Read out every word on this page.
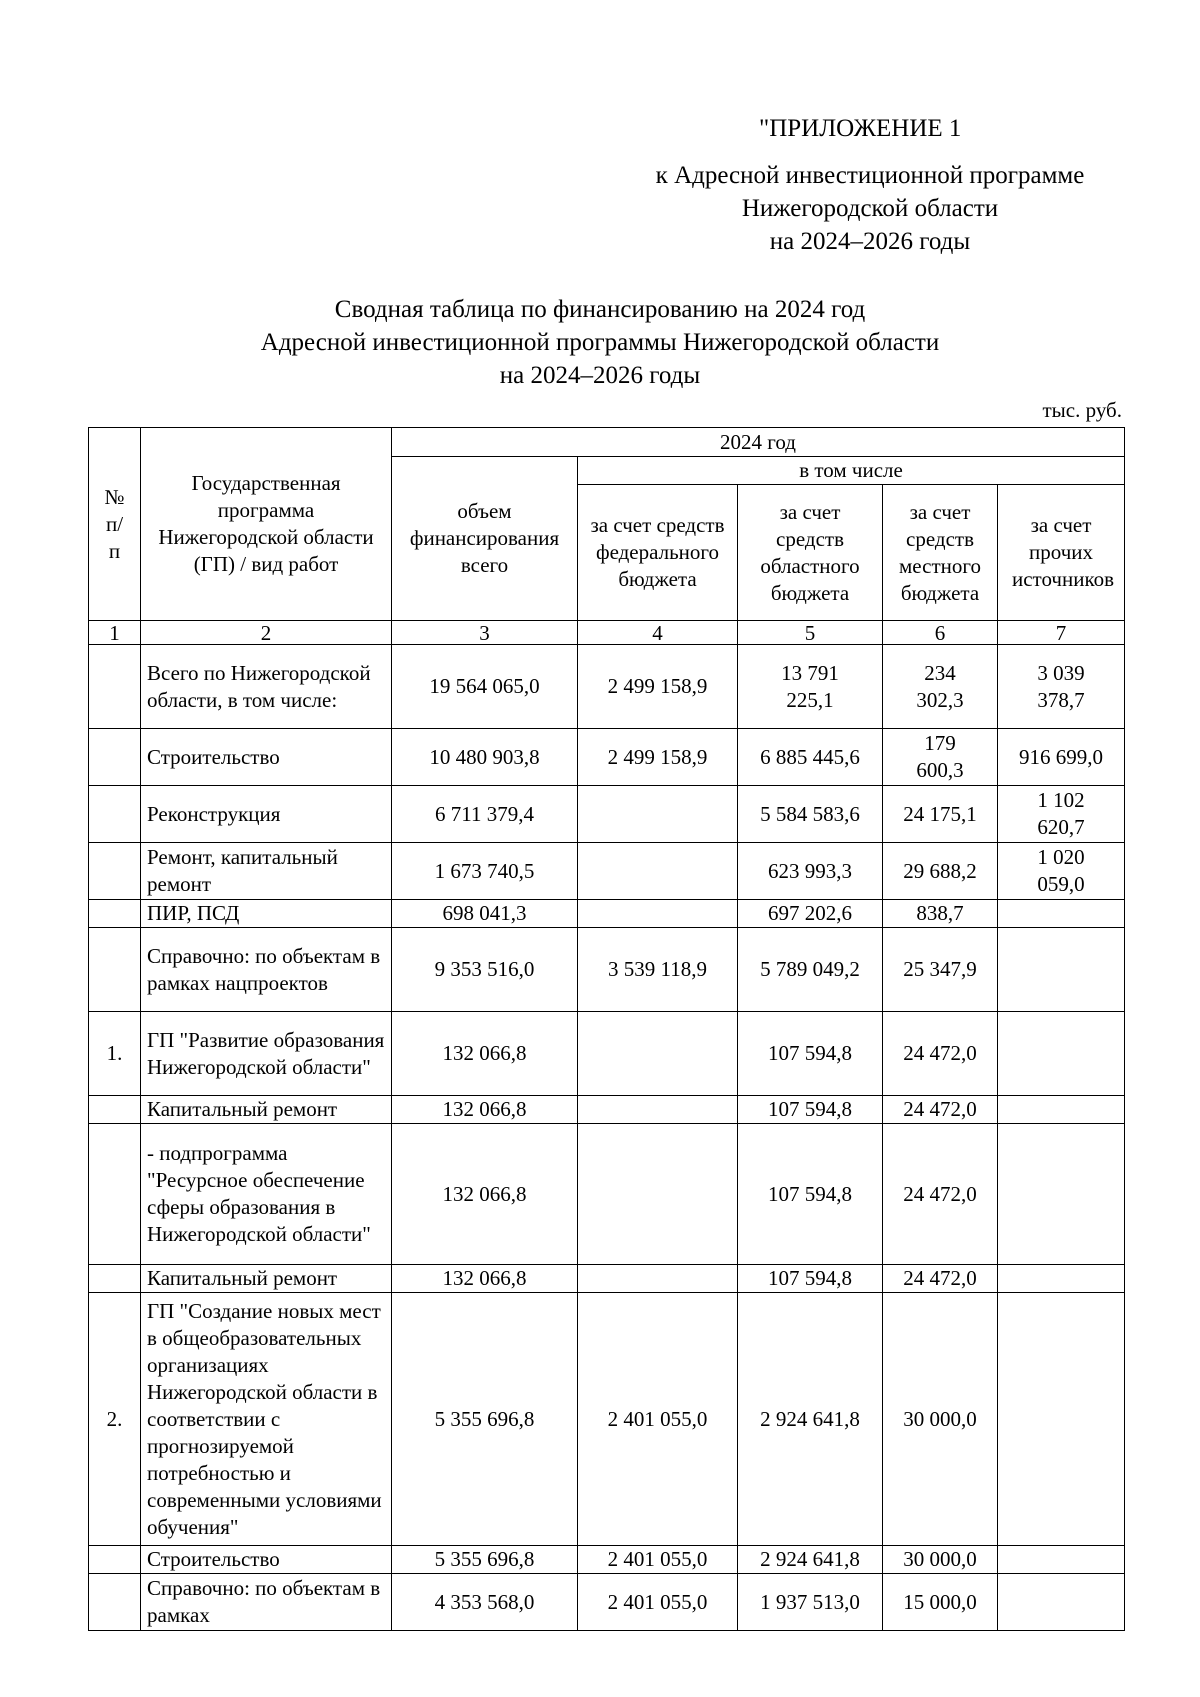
"ПРИЛОЖЕНИЕ 1
к Адресной инвестиционной программе
Нижегородской области
на 2024–2026 годы
Сводная таблица по финансированию на 2024 год
Адресной инвестиционной программы Нижегородской области
на 2024–2026 годы
тыс. руб.
№ п/ п	Государственная программа Нижегородской области (ГП) / вид работ	2024 год				
		объем финансирования всего	в том числе			
			за счет средств федерального бюджета	за счет средств областного бюджета	за счет средств местного бюджета	за счет прочих источников
1	2	3	4	5	6	7
	Всего по Нижегородской области, в том числе:	19 564 065,0	2 499 158,9	13 791 225,1	234 302,3	3 039 378,7
	Строительство	10 480 903,8	2 499 158,9	6 885 445,6	179 600,3	916 699,0
	Реконструкция	6 711 379,4		5 584 583,6	24 175,1	1 102 620,7
	Ремонт, капитальный ремонт	1 673 740,5		623 993,3	29 688,2	1 020 059,0
	ПИР, ПСД	698 041,3		697 202,6	838,7	
	Справочно: по объектам в рамках нацпроектов	9 353 516,0	3 539 118,9	5 789 049,2	25 347,9	
1.	ГП "Развитие образования Нижегородской области"	132 066,8		107 594,8	24 472,0	
	Капитальный ремонт	132 066,8		107 594,8	24 472,0	
	- подпрограмма "Ресурсное обеспечение сферы образования в Нижегородской области"	132 066,8		107 594,8	24 472,0	
	Капитальный ремонт	132 066,8		107 594,8	24 472,0	
2.	ГП "Создание новых мест в общеобразовательных организациях Нижегородской области в соответствии с прогнозируемой потребностью и современными условиями обучения"	5 355 696,8	2 401 055,0	2 924 641,8	30 000,0	
	Строительство	5 355 696,8	2 401 055,0	2 924 641,8	30 000,0	
	Справочно: по объектам в рамках	4 353 568,0	2 401 055,0	1 937 513,0	15 000,0	
